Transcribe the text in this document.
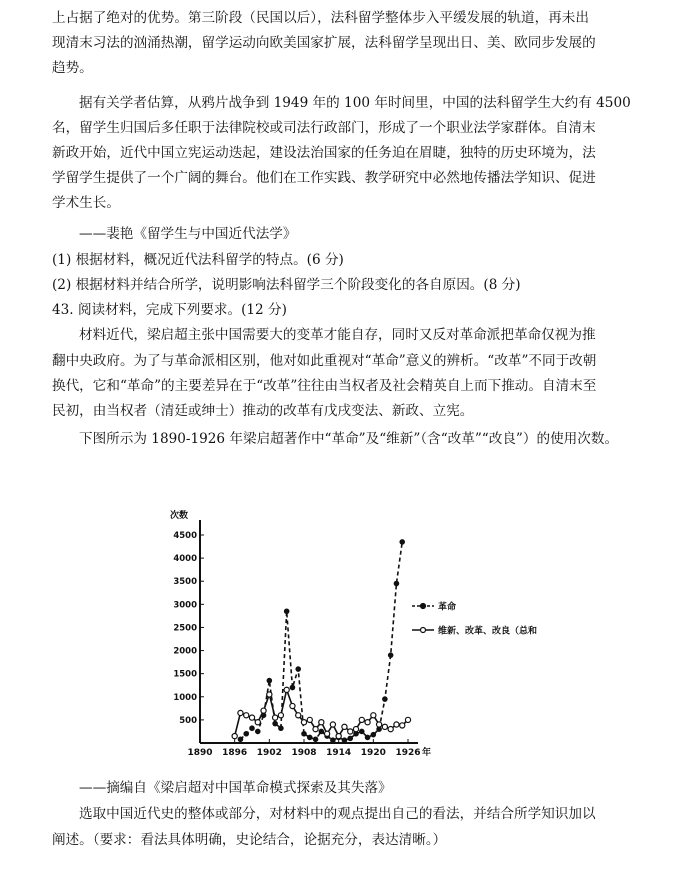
上占据了绝对的优势。第三阶段（民国以后），法科留学整体步入平缓发展的轨道，再未出
现清末习法的汹涌热潮，留学运动向欧美国家扩展，法科留学呈现出日、美、欧同步发展的
趋势。
据有关学者估算，从鸦片战争到 1949 年的 100 年时间里，中国的法科留学生大约有 4500
名，留学生归国后多任职于法律院校或司法行政部门，形成了一个职业法学家群体。自清末
新政开始，近代中国立宪运动迭起，建设法治国家的任务迫在眉睫，独特的历史环境为，法
学留学生提供了一个广阔的舞台。他们在工作实践、教学研究中必然地传播法学知识、促进
学术生长。
——裴艳《留学生与中国近代法学》
(1) 根据材料，概况近代法科留学的特点。(6 分)
(2) 根据材料并结合所学，说明影响法科留学三个阶段变化的各自原因。(8 分)
43. 阅读材料，完成下列要求。(12 分)
材料近代，梁启超主张中国需要大的变革才能自存，同时又反对革命派把革命仅视为推
翻中央政府。为了与革命派相区别，他对如此重视对“革命”意义的辨析。“改革”不同于改朝
换代，它和“革命”的主要差异在于“改革”往往由当权者及社会精英自上而下推动。自清末至
民初，由当权者（清廷或绅士）推动的改革有戊戌变法、新政、立宪。
下图所示为 1890-1926 年梁启超著作中“革命”及“维新”（含“改革”“改良”）的使用次数。
次数
年
4500
4000
3500
3000
2500
2000
1500
1000
500
1890 1896 1902 1908 1914 1920 1926
革命
维新、改革、改良（总和
——摘编自《梁启超对中国革命模式探索及其失落》
选取中国近代史的整体或部分，对材料中的观点提出自己的看法，并结合所学知识加以
阐述。（要求：看法具体明确，史论结合，论据充分，表达清晰。）
